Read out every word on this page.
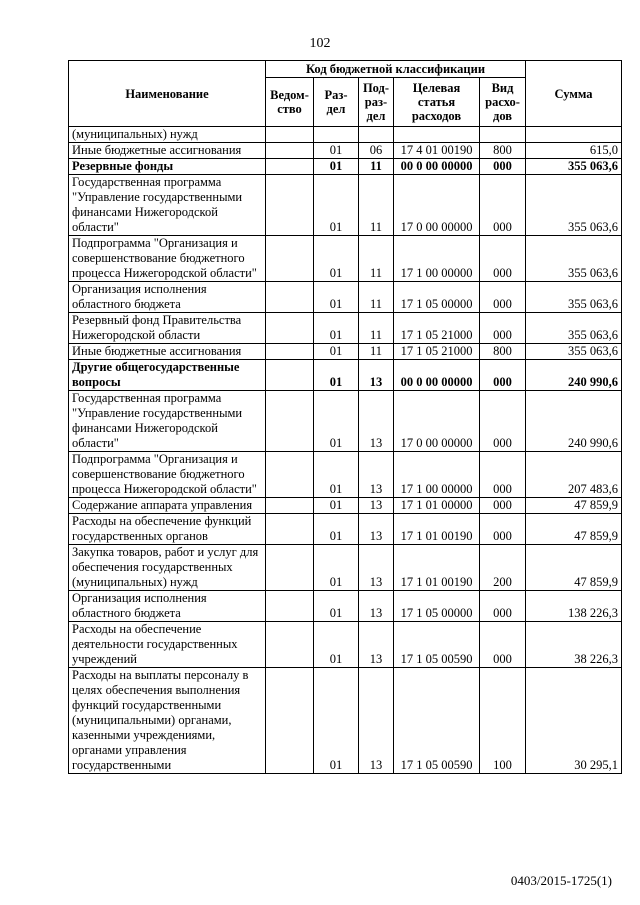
102
Наименование	Код бюджетной классификации					Сумма
	Ведом-ство	Раз-дел	Под-раз-дел	Целевая статья расходов	Вид расхо-дов	
(муниципальных) нужд						
Иные бюджетные ассигнования		01	06	17 4 01 00190	800	615,0
Резервные фонды		01	11	00 0 00 00000	000	355 063,6
Государственная программа "Управление государственными финансами Нижегородской области"		01	11	17 0 00 00000	000	355 063,6
Подпрограмма "Организация и совершенствование бюджетного процесса Нижегородской области"		01	11	17 1 00 00000	000	355 063,6
Организация исполнения областного бюджета		01	11	17 1 05 00000	000	355 063,6
Резервный фонд Правительства Нижегородской области		01	11	17 1 05 21000	000	355 063,6
Иные бюджетные ассигнования		01	11	17 1 05 21000	800	355 063,6
Другие общегосударственные вопросы		01	13	00 0 00 00000	000	240 990,6
Государственная программа "Управление государственными финансами Нижегородской области"		01	13	17 0 00 00000	000	240 990,6
Подпрограмма "Организация и совершенствование бюджетного процесса Нижегородской области"		01	13	17 1 00 00000	000	207 483,6
Содержание аппарата управления		01	13	17 1 01 00000	000	47 859,9
Расходы на обеспечение функций государственных органов		01	13	17 1 01 00190	000	47 859,9
Закупка товаров, работ и услуг для обеспечения государственных (муниципальных) нужд		01	13	17 1 01 00190	200	47 859,9
Организация исполнения областного бюджета		01	13	17 1 05 00000	000	138 226,3
Расходы на обеспечение деятельности государственных учреждений		01	13	17 1 05 00590	000	38 226,3
Расходы на выплаты персоналу в целях обеспечения выполнения функций государственными (муниципальными) органами, казенными учреждениями, органами управления государственными		01	13	17 1 05 00590	100	30 295,1
0403/2015-1725(1)
